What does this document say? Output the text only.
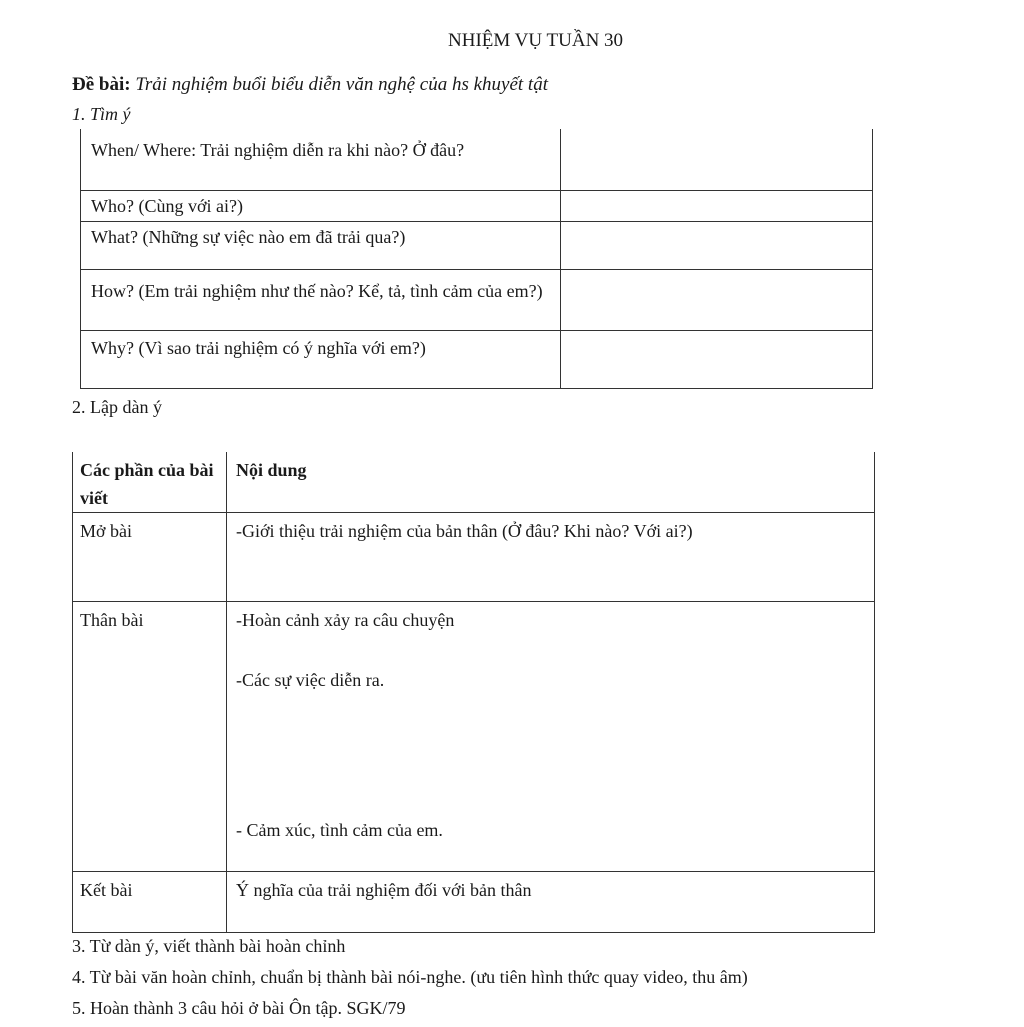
NHIỆM VỤ TUẦN 30
Đề bài: Trải nghiệm buổi biểu diễn văn nghệ của hs khuyết tật
1. Tìm ý
When/ Where: Trải nghiệm diễn ra khi nào? Ở đâu?	
Who? (Cùng với ai?)	
What? (Những sự việc nào em đã trải qua?)	
How? (Em trải nghiệm như thế nào? Kể, tả, tình cảm của em?)	
Why? (Vì sao trải nghiệm có ý nghĩa với em?)	
2. Lập dàn ý
Các phần của bài viết	Nội dung
Mở bài	-Giới thiệu trải nghiệm của bản thân (Ở đâu? Khi nào? Với ai?)

Thân bài	-Hoàn cảnh xảy ra câu chuyện
-Các sự việc diễn ra.
- Cảm xúc, tình cảm của em.

Kết bài	Ý nghĩa của trải nghiệm đối với bản thân
3. Từ dàn ý, viết thành bài hoàn chỉnh
4. Từ bài văn hoàn chỉnh, chuẩn bị thành bài nói-nghe. (ưu tiên hình thức quay video, thu âm)
5. Hoàn thành 3 câu hỏi ở bài Ôn tập. SGK/79
